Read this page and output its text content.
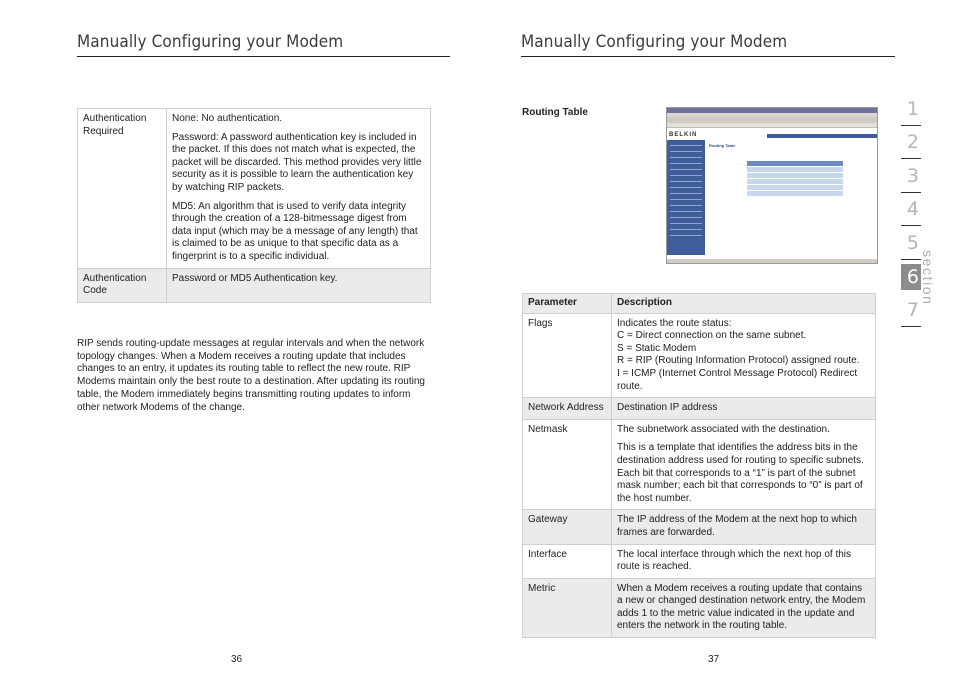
Manually Configuring your Modem
Authentication Required	None: No authentication.

Password: A password authentication key is included in the packet. If this does not match what is expected, the packet will be discarded. This method provides very little security as it is possible to learn the authentication key by watching RIP packets.

MD5: An algorithm that is used to verify data integrity through the creation of a 128-bitmessage digest from data input (which may be a message of any length) that is claimed to be as unique to that specific data as a fingerprint is to a specific individual.

Authentication Code	Password or MD5 Authentication key.

RIP sends routing-update messages at regular intervals and when the network topology changes. When a Modem receives a routing update that includes changes to an entry, it updates its routing table to reflect the new route. RIP Modems maintain only the best route to a destination. After updating its routing table, the Modem immediately begins transmitting routing updates to inform other network Modems of the change.
36
Manually Configuring your Modem
Routing Table
BELKIN
Routing Table
Parameter	Description
Flags	Indicates the route status:
C = Direct connection on the same subnet.
S = Static Modem
R = RIP (Routing Information Protocol) assigned route.
I = ICMP (Internet Control Message Protocol) Redirect route.

Network Address	Destination IP address

Netmask	The subnetwork associated with the destination.

This is a template that identifies the address bits in the destination address used for routing to specific subnets. Each bit that corresponds to a “1” is part of the subnet mask number; each bit that corresponds to “0” is part of the host number.

Gateway	The IP address of the Modem at the next hop to which frames are forwarded.

Interface	The local interface through which the next hop of this route is reached.

Metric	When a Modem receives a routing update that contains a new or changed destination network entry, the Modem adds 1 to the metric value indicated in the update and enters the network in the routing table.

37
1
2
3
4
5
6
7
section
